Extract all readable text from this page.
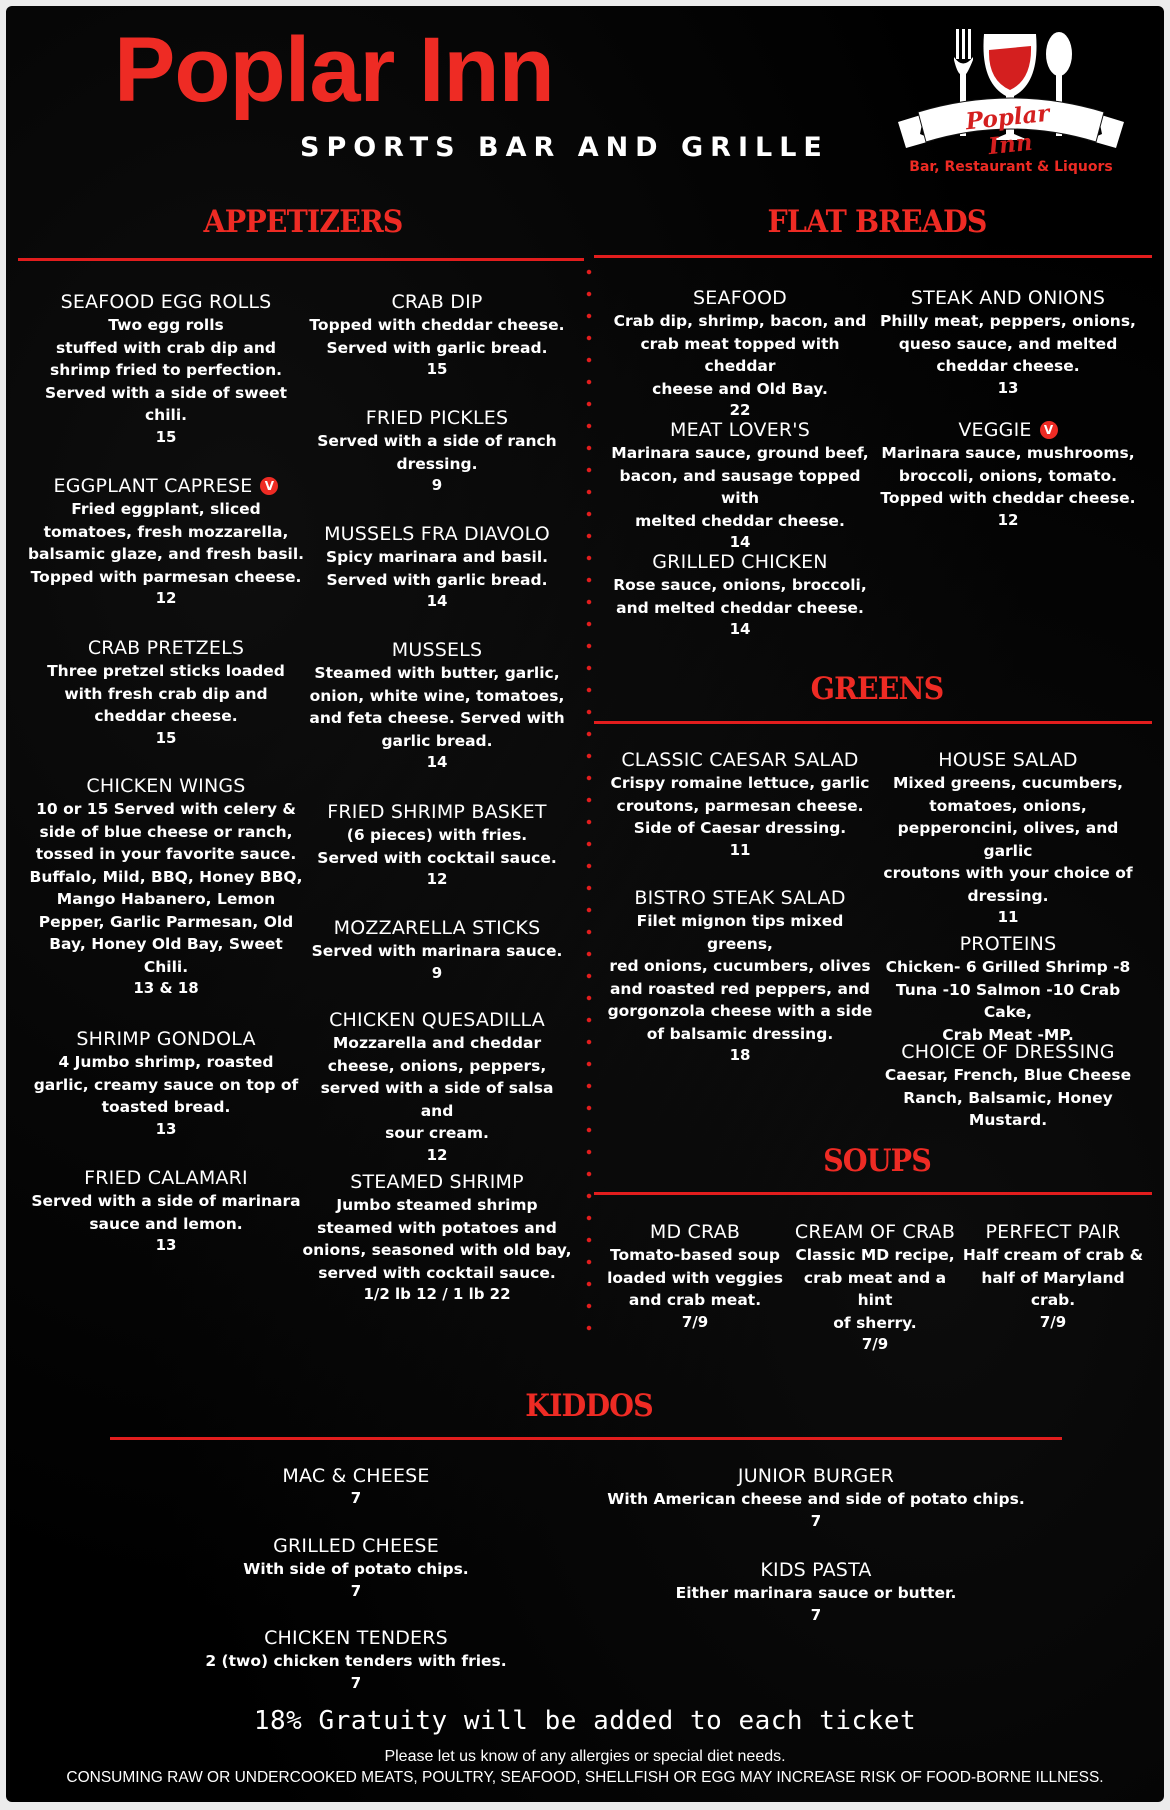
Poplar Inn
SPORTS BAR AND GRILLE
Poplar Inn
Bar, Restaurant & Liquors
APPETIZERS	FLAT BREADS
SEAFOOD EGG ROLLS
Two egg rolls
stuffed with crab dip and
shrimp fried to perfection.
Served with a side of sweet
chili.
15
EGGPLANT CAPRESE V
Fried eggplant, sliced
tomatoes, fresh mozzarella,
balsamic glaze, and fresh basil.
Topped with parmesan cheese.
12
CRAB PRETZELS
Three pretzel sticks loaded
with fresh crab dip and
cheddar cheese.
15
CHICKEN WINGS
10 or 15 Served with celery &
side of blue cheese or ranch,
tossed in your favorite sauce.
Buffalo, Mild, BBQ, Honey BBQ,
Mango Habanero, Lemon
Pepper, Garlic Parmesan, Old
Bay, Honey Old Bay, Sweet
Chili.
13 & 18
SHRIMP GONDOLA
4 Jumbo shrimp, roasted
garlic, creamy sauce on top of
toasted bread.
13
FRIED CALAMARI
Served with a side of marinara
sauce and lemon.
13
CRAB DIP
Topped with cheddar cheese.
Served with garlic bread.
15
FRIED PICKLES
Served with a side of ranch
dressing.
9
MUSSELS FRA DIAVOLO
Spicy marinara and basil.
Served with garlic bread.
14
MUSSELS
Steamed with butter, garlic,
onion, white wine, tomatoes,
and feta cheese. Served with
garlic bread.
14
FRIED SHRIMP BASKET
(6 pieces) with fries.
Served with cocktail sauce.
12
MOZZARELLA STICKS
Served with marinara sauce.
9
CHICKEN QUESADILLA
Mozzarella and cheddar
cheese, onions, peppers,
served with a side of salsa and
sour cream.
12
STEAMED SHRIMP
Jumbo steamed shrimp
steamed with potatoes and
onions, seasoned with old bay,
served with cocktail sauce.
1/2 lb 12 / 1 lb 22
SEAFOOD
Crab dip, shrimp, bacon, and
crab meat topped with cheddar
cheese and Old Bay.
22
MEAT LOVER'S
Marinara sauce, ground beef,
bacon, and sausage topped with
melted cheddar cheese.
14
GRILLED CHICKEN
Rose sauce, onions, broccoli,
and melted cheddar cheese.
14
STEAK AND ONIONS
Philly meat, peppers, onions,
queso sauce, and melted
cheddar cheese.
13
VEGGIE V
Marinara sauce, mushrooms,
broccoli, onions, tomato.
Topped with cheddar cheese.
12
GREENS
CLASSIC CAESAR SALAD
Crispy romaine lettuce, garlic
croutons, parmesan cheese.
Side of Caesar dressing.
11
BISTRO STEAK SALAD
Filet mignon tips mixed greens,
red onions, cucumbers, olives
and roasted red peppers, and
gorgonzola cheese with a side
of balsamic dressing.
18
HOUSE SALAD
Mixed greens, cucumbers,
tomatoes, onions,
pepperoncini, olives, and garlic
croutons with your choice of
dressing.
11
PROTEINS
Chicken- 6 Grilled Shrimp -8
Tuna -10 Salmon -10 Crab Cake,
Crab Meat -MP.
CHOICE OF DRESSING
Caesar, French, Blue Cheese
Ranch, Balsamic, Honey
Mustard.
SOUPS
MD CRAB
Tomato-based soup
loaded with veggies
and crab meat.
7/9
CREAM OF CRAB
Classic MD recipe,
crab meat and a hint
of sherry.
7/9
PERFECT PAIR
Half cream of crab &
half of Maryland
crab.
7/9
KIDDOS
MAC & CHEESE
7
GRILLED CHEESE
With side of potato chips.
7
CHICKEN TENDERS
2 (two) chicken tenders with fries.
7
JUNIOR BURGER
With American cheese and side of potato chips.
7
KIDS PASTA
Either marinara sauce or butter.
7
18% Gratuity will be added to each ticket
Please let us know of any allergies or special diet needs.
CONSUMING RAW OR UNDERCOOKED MEATS, POULTRY, SEAFOOD, SHELLFISH OR EGG MAY INCREASE RISK OF FOOD-BORNE ILLNESS.
